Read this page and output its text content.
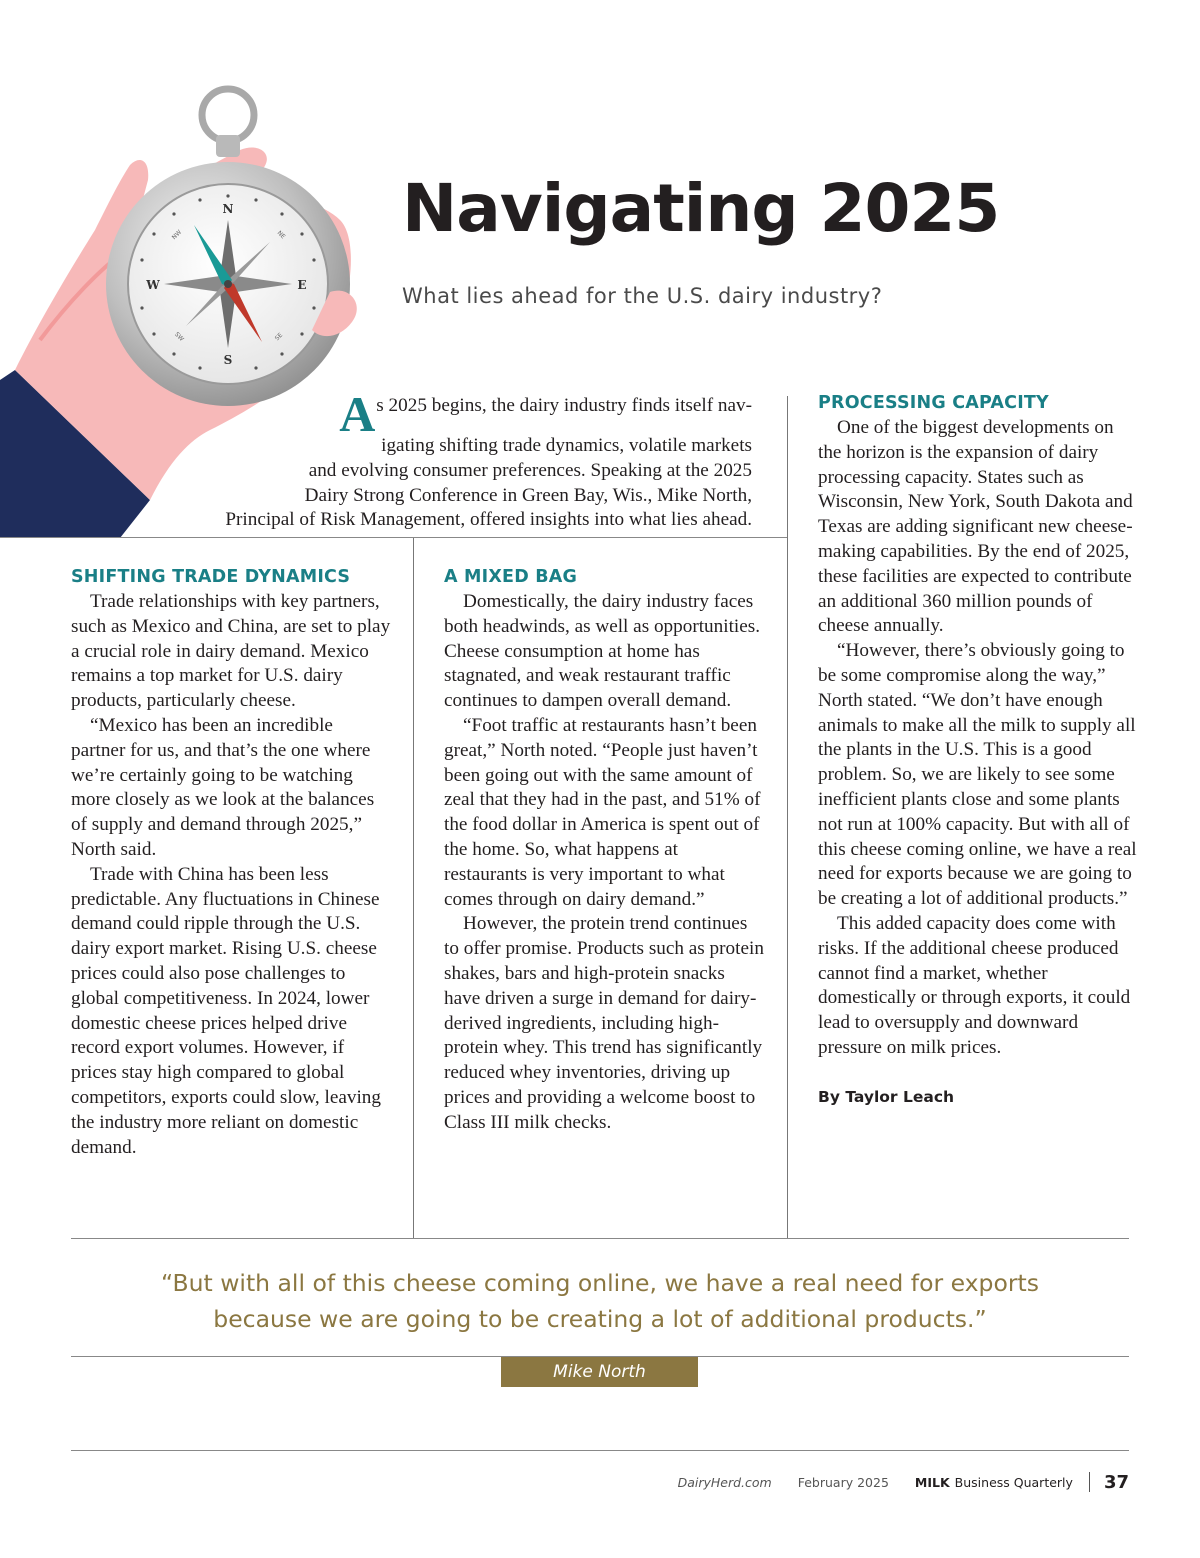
N
S
E
W
NW	NE
SW	SE
Navigating 2025

What lies ahead for the U.S. dairy industry?

As 2025 begins, the dairy industry finds itself nav-
igating shifting trade dynamics, volatile markets
and evolving consumer preferences. Speaking at the 2025
Dairy Strong Conference in Green Bay, Wis., Mike North,
Principal of Risk Management, offered insights into what lies ahead.
SHIFTING TRADE DYNAMICS

Trade relationships with key partners, such as Mexico and China, are set to play a crucial role in dairy demand. Mexico remains a top market for U.S. dairy products, particularly cheese.

“Mexico has been an incredible partner for us, and that’s the one where we’re certainly going to be watching more closely as we look at the balances of supply and demand through 2025,” North said.

Trade with China has been less predictable. Any fluctuations in Chinese demand could ripple through the U.S. dairy export market. Rising U.S. cheese prices could also pose challenges to global competitiveness. In 2024, lower domestic cheese prices helped drive record export volumes. However, if prices stay high compared to global competitors, exports could slow, leaving the industry more reliant on domestic demand.

A MIXED BAG

Domestically, the dairy industry faces both headwinds, as well as opportunities. Cheese consumption at home has stagnated, and weak restaurant traffic continues to dampen overall demand.

“Foot traffic at restaurants hasn’t been great,” North noted. “People just haven’t been going out with the same amount of zeal that they had in the past, and 51% of the food dollar in America is spent out of the home. So, what happens at restaurants is very important to what comes through on dairy demand.”

However, the protein trend continues to offer promise. Products such as protein shakes, bars and high-protein snacks have driven a surge in demand for dairy-derived ingredients, including high-protein whey. This trend has significantly reduced whey inventories, driving up prices and providing a welcome boost to Class III milk checks.

PROCESSING CAPACITY

One of the biggest developments on the horizon is the expansion of dairy processing capacity. States such as Wisconsin, New York, South Dakota and Texas are adding significant new cheese-making capabilities. By the end of 2025, these facilities are expected to contribute an additional 360 million pounds of cheese annually.

“However, there’s obviously going to be some compromise along the way,” North stated. “We don’t have enough animals to make all the milk to supply all the plants in the U.S. This is a good problem. So, we are likely to see some inefficient plants close and some plants not run at 100% capacity. But with all of this cheese coming online, we have a real need for exports because we are going to be creating a lot of additional products.”

This added capacity does come with risks. If the additional cheese produced cannot find a market, whether domestically or through exports, it could lead to oversupply and downward pressure on milk prices.

By Taylor Leach

“But with all of this cheese coming online, we have a real need for exports
because we are going to be creating a lot of additional products.”

Mike North
DairyHerd.com February 2025 MILK Business Quarterly 37
